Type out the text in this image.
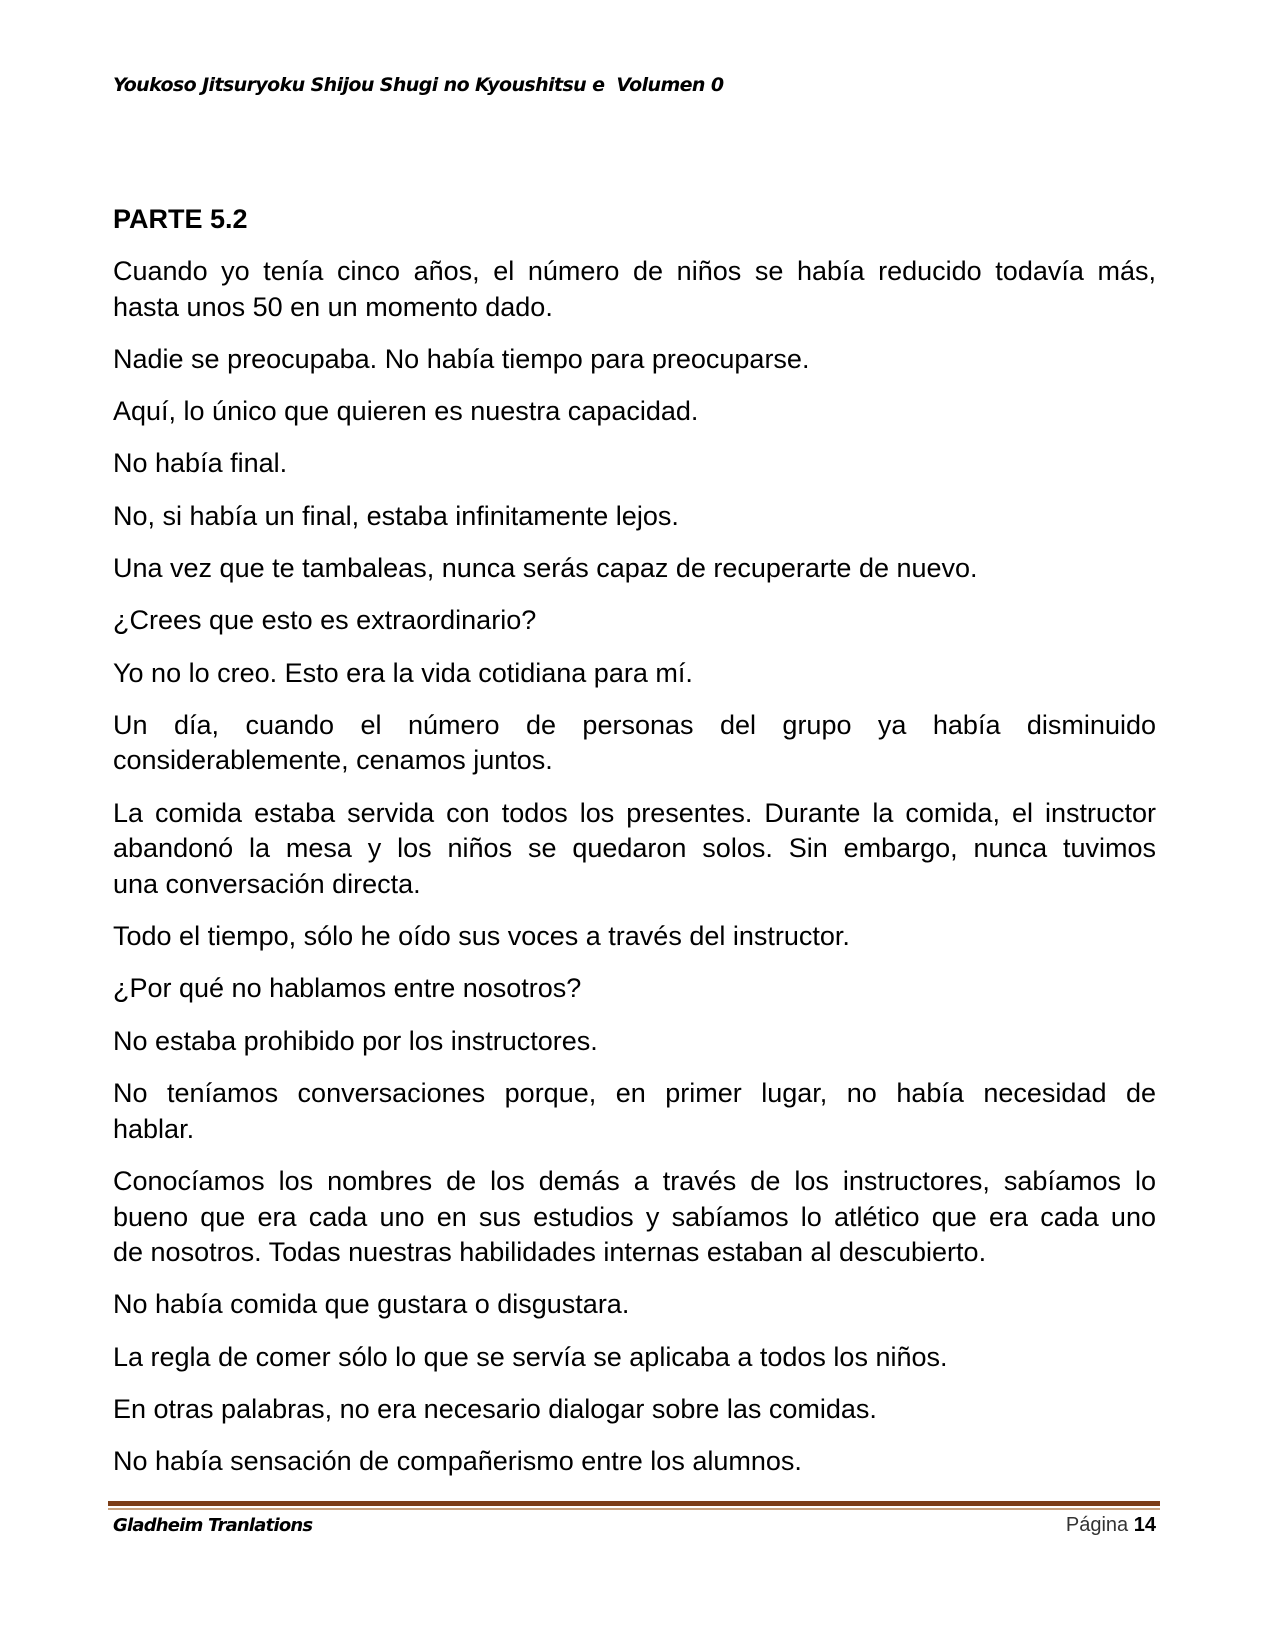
Youkoso Jitsuryoku Shijou Shugi no Kyoushitsu e  Volumen 0
PARTE 5.2
Cuando yo tenía cinco años, el número de niños se había reducido todavía más,
hasta unos 50 en un momento dado.
Nadie se preocupaba. No había tiempo para preocuparse.
Aquí, lo único que quieren es nuestra capacidad.
No había final.
No, si había un final, estaba infinitamente lejos.
Una vez que te tambaleas, nunca serás capaz de recuperarte de nuevo.
¿Crees que esto es extraordinario?
Yo no lo creo. Esto era la vida cotidiana para mí.
Un día, cuando el número de personas del grupo ya había disminuido
considerablemente, cenamos juntos.
La comida estaba servida con todos los presentes. Durante la comida, el instructor
abandonó la mesa y los niños se quedaron solos. Sin embargo, nunca tuvimos
una conversación directa.
Todo el tiempo, sólo he oído sus voces a través del instructor.
¿Por qué no hablamos entre nosotros?
No estaba prohibido por los instructores.
No teníamos conversaciones porque, en primer lugar, no había necesidad de
hablar.
Conocíamos los nombres de los demás a través de los instructores, sabíamos lo
bueno que era cada uno en sus estudios y sabíamos lo atlético que era cada uno
de nosotros. Todas nuestras habilidades internas estaban al descubierto.
No había comida que gustara o disgustara.
La regla de comer sólo lo que se servía se aplicaba a todos los niños.
En otras palabras, no era necesario dialogar sobre las comidas.
No había sensación de compañerismo entre los alumnos.
Gladheim Tranlations	Página 14
